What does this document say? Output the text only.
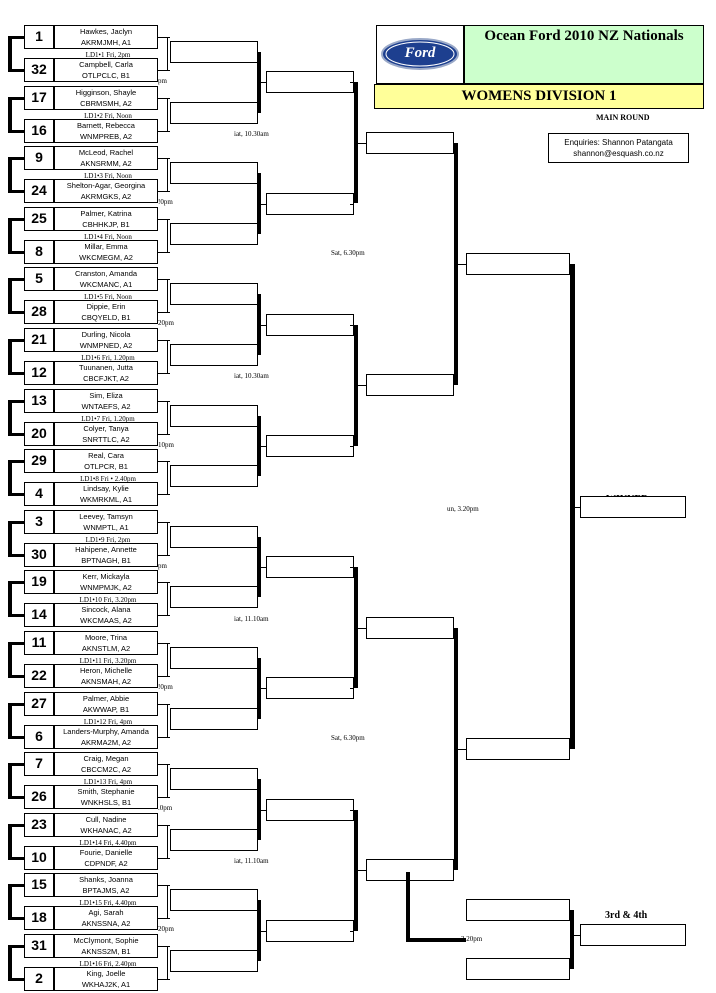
Ford
Ocean Ford 2010 NZ Nationals
WOMENS DIVISION 1
MAIN ROUND
Enquiries: Shannon Patangata
shannon@esquash.co.nz
3rd & 4th
1	Hawkes, Jaclyn
AKRMJMH, A1
32	Campbell, Carla
OTLPCLC, B1
17	Higginson, Shayle
CBRMSMH, A2
16	Barnett, Rebecca
WNMPREB, A2
9	McLeod, Rachel
AKNSRMM, A2
24	Shelton-Agar, Georgina
AKRMGKS, A2
25	Palmer, Katrina
CBHHKJP, B1
8	Millar, Emma
WKCMEGM, A2
5	Cranston, Amanda
WKCMANC, A1
28	Dippie, Erin
CBQYELD, B1
21	Durling, Nicola
WNMPNED, A2
12	Tuunanen, Jutta
CBCFJKT, A2
13	Sim, Eliza
WNTAEFS, A2
20	Colyer, Tanya
SNRTTLC, A2
29	Real, Cara
OTLPCR, B1
4	Lindsay, Kylie
WKMRKML, A1
3	Leevey, Tamsyn
WNMPTL, A1
30	Hahipene, Annette
BPTNAGH, B1
19	Kerr, Mickayla
WNMPMJK, A2
14	Sincock, Alana
WKCMAAS, A2
11	Moore, Trina
AKNSTLM, A2
22	Heron, Michelle
AKNSMAH, A2
27	Palmer, Abbie
AKWWAP, B1
6	Landers-Murphy, Amanda
AKRMA2M, A2
7	Craig, Megan
CBCCM2C, A2
26	Smith, Stephanie
WNKHSLS, B1
23	Cull, Nadine
WKHANAC, A2
10	Fourie, Danielle
CDPNDF, A2
15	Shanks, Joanna
BPTAJMS, A2
18	Agi, Sarah
AKNSSNA, A2
31	McClymont, Sophie
AKNSS2M, B1
2	King, Joelle
WKHAJ2K, A1
LD1•1 Fri, 2pm
LD1•2 Fri, Noon
LD1•3 Fri, Noon
LD1•4 Fri, Noon
LD1•5 Fri, Noon
LD1•6 Fri, 1.20pm
LD1•7 Fri, 1.20pm
LD1•8 Fri • 2.40pm
LD1•9 Fri, 2pm
LD1•10 Fri, 3.20pm
LD1•11 Fri, 3.20pm
LD1•12 Fri, 4pm
LD1•13 Fri, 4pm
LD1•14 Fri, 4.40pm
LD1•15 Fri, 4.40pm
LD1•16 Fri, 2.40pm
pm
!0pm
20pm
10pm
pm
!0pm
.0pm
20pm
iat, 10.30am
iat, 10.30am
iat, 11.10am
iat, 11.10am
Sat, 6.30pm
Sat, 6.30pm
un, 3.20pm
3.20pm
